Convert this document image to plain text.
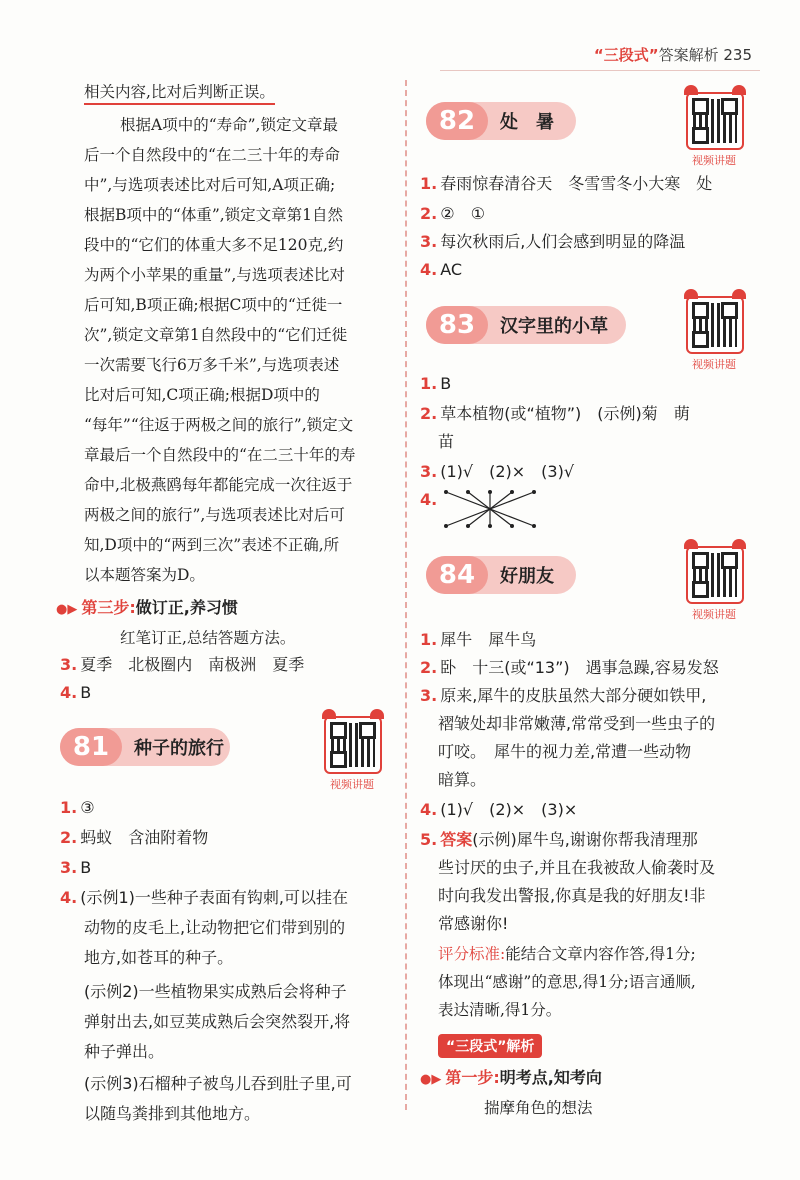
“三段式”答案解析 235
相关内容,比对后判断正误。
根据A项中的“寿命”,锁定文章最
后一个自然段中的“在二三十年的寿命
中”,与选项表述比对后可知,A项正确;
根据B项中的“体重”,锁定文章第1自然
段中的“它们的体重大多不足120克,约
为两个小苹果的重量”,与选项表述比对
后可知,B项正确;根据C项中的“迁徙一
次”,锁定文章第1自然段中的“它们迁徙
一次需要飞行6万多千米”,与选项表述
比对后可知,C项正确;根据D项中的
“每年”“往返于两极之间的旅行”,锁定文
章最后一个自然段中的“在二三十年的寿
命中,北极燕鸥每年都能完成一次往返于
两极之间的旅行”,与选项表述比对后可
知,D项中的“两到三次”表述不正确,所
以本题答案为D。
●▶ 第三步:做订正,养习惯
红笔订正,总结答题方法。
3. 夏季　北极圈内　南极洲　夏季
4. B
81	种子的旅行
视频讲题
1. ③
2. 蚂蚁　含油附着物
3. B
4. (示例1)一些种子表面有钩刺,可以挂在
动物的皮毛上,让动物把它们带到别的
地方,如苍耳的种子。
(示例2)一些植物果实成熟后会将种子
弹射出去,如豆荚成熟后会突然裂开,将
种子弹出。
(示例3)石榴种子被鸟儿吞到肚子里,可
以随鸟粪排到其他地方。
82	处　暑
视频讲题
1. 春雨惊春清谷天　冬雪雪冬小大寒　处
2. ②　①
3. 每次秋雨后,人们会感到明显的降温
4. AC
83	汉字里的小草
视频讲题
1. B
2. 草本植物(或“植物”)　(示例)菊　萌
苗
3. (1)√　(2)×　(3)√
4.
84	好朋友
视频讲题
1. 犀牛　犀牛鸟
2. 卧　十三(或“13”)　遇事急躁,容易发怒
3. 原来,犀牛的皮肤虽然大部分硬如铁甲,
褶皱处却非常嫩薄,常常受到一些虫子的
叮咬。　犀牛的视力差,常遭一些动物
暗算。
4. (1)√　(2)×　(3)×
5. 答案(示例)犀牛鸟,谢谢你帮我清理那
些讨厌的虫子,并且在我被敌人偷袭时及
时向我发出警报,你真是我的好朋友!非
常感谢你!
评分标准:能结合文章内容作答,得1分;
体现出“感谢”的意思,得1分;语言通顺,
表达清晰,得1分。
“三段式”解析
●▶ 第一步:明考点,知考向
揣摩角色的想法
